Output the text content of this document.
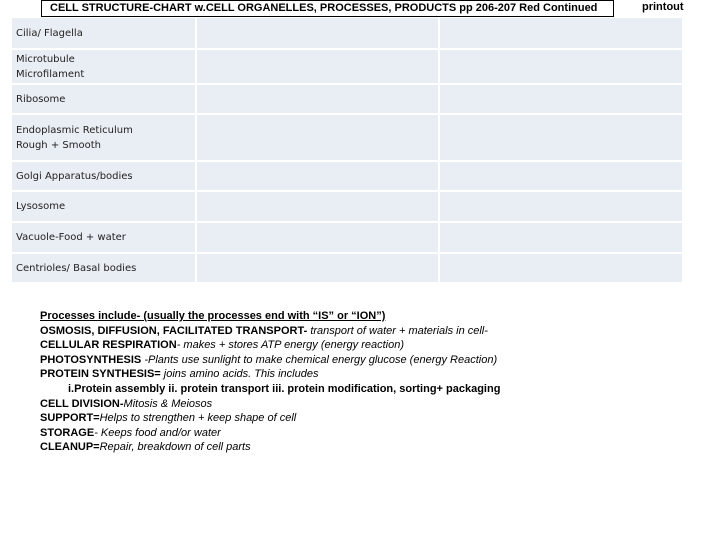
CELL STRUCTURE-CHART w.CELL ORGANELLES, PROCESSES, PRODUCTS pp 206-207 Red Continued	printout
Cilia/ Flagella
Microtubule
Microfilament
Ribosome
Endoplasmic Reticulum
Rough + Smooth
Golgi Apparatus/bodies
Lysosome
Vacuole-Food + water
Centrioles/ Basal bodies
Processes include- (usually the processes end with “IS” or “ION”)
OSMOSIS, DIFFUSION, FACILITATED TRANSPORT- transport of water + materials in cell-
CELLULAR RESPIRATION- makes + stores ATP energy (energy reaction)
PHOTOSYNTHESIS -Plants use sunlight to make chemical energy glucose (energy Reaction)
PROTEIN SYNTHESIS= joins amino acids. This includes
i.Protein assembly ii. protein transport iii. protein modification, sorting+ packaging
CELL DIVISION-Mitosis & Meiosos
SUPPORT=Helps to strengthen + keep shape of cell
STORAGE- Keeps food and/or water
CLEANUP=Repair, breakdown of cell parts
